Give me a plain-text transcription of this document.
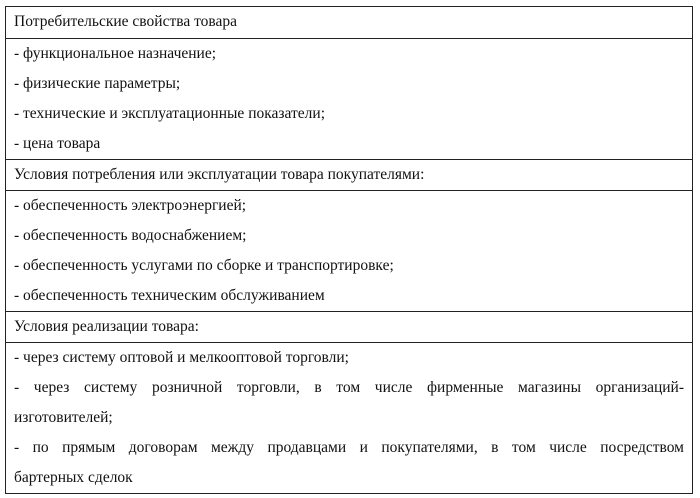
Потребительские свойства товара
- функциональное назначение;
- физические параметры;
- технические и эксплуатационные показатели;
- цена товара
Условия потребления или эксплуатации товара покупателями:
- обеспеченность электроэнергией;
- обеспеченность водоснабжением;
- обеспеченность услугами по сборке и транспортировке;
- обеспеченность техническим обслуживанием
Условия реализации товара:
- через систему оптовой и мелкооптовой торговли;
- через систему розничной торговли, в том числе фирменные магазины организаций-
изготовителей;
- по прямым договорам между продавцами и покупателями, в том числе посредством
бартерных сделок
